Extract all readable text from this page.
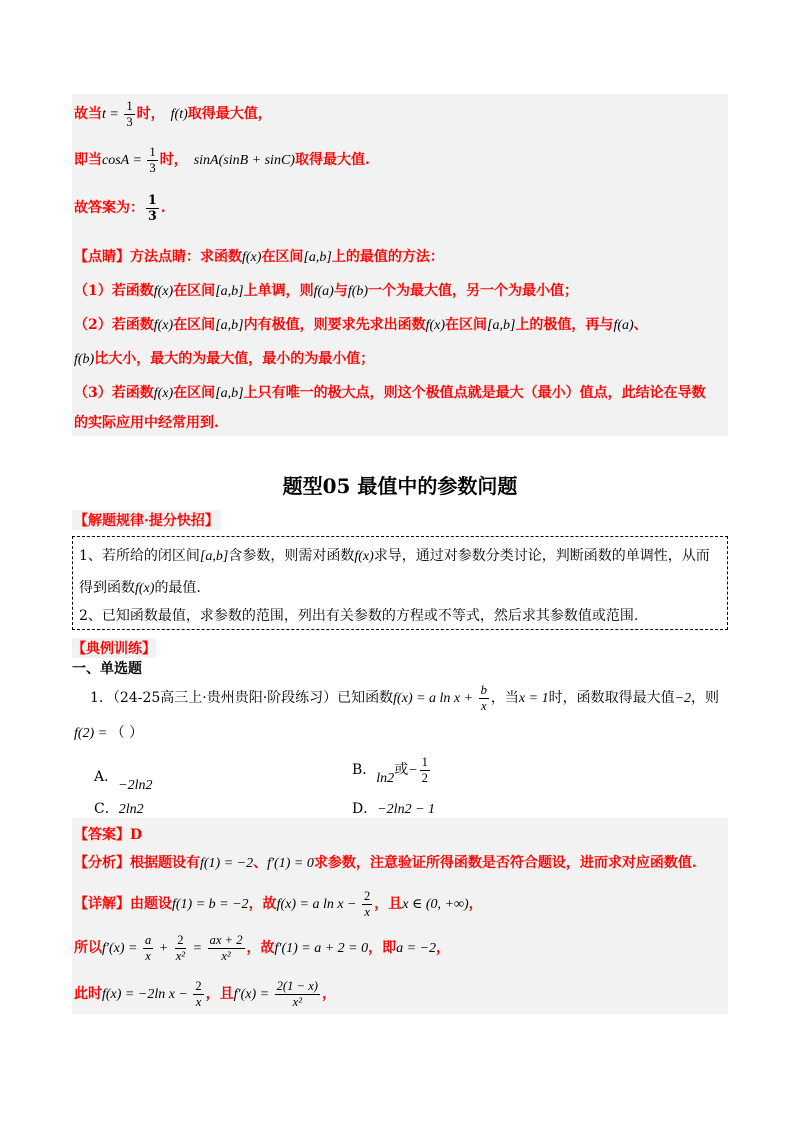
故当$t = \frac{1}{3}$ 时， f(t)取得最大值，
即当$\cos A = \frac{1}{3}$ 时， sinA(sinB + sinC)取得最大值.
故答案为： $\frac{1}{3}$ .
【点睛】方法点睛：求函数f(x)在区间[a,b]上的最值的方法：
（1）若函数f(x)在区间[a,b]上单调，则f(a)与f(b)一个为最大值，另一个为最小值；
（2）若函数f(x)在区间[a,b]内有极值，则要求先求出函数f(x)在区间[a,b]上的极值，再与f(a)、
f(b)比大小，最大的为最大值，最小的为最小值；
（3）若函数f(x)在区间[a,b]上只有唯一的极大点，则这个极值点就是最大（最小）值点，此结论在导数
的实际应用中经常用到.
题型05 最值中的参数问题
【解题规律·提分快招】
1、若所给的闭区间[a,b]含参数，则需对函数f(x)求导，通过对参数分类讨论，判断函数的单调性，从而
得到函数f(x)的最值.
2、已知函数最值，求参数的范围，列出有关参数的方程或不等式，然后求其参数值或范围.
【典例训练】
一、单选题
1．（24-25高三上·贵州贵阳·阶段练习）已知函数f(x) = a $\ln x + \frac{b}{x}$ ，当x = 1时，函数取得最大值−2，则
f(2) = （ ）
A．−2ln2
B．ln2或− $\frac{1}{2}$
C．2ln2	D．−2ln2 − 1
【答案】D
【分析】根据题设有f(1) = −2、f′(1) = 0求参数，注意验证所得函数是否符合题设，进而求对应函数值.
【详解】由题设f(1) = b = −2，故f(x) = a $\ln x - \frac{2}{x}$ ，且x ∈ (0, +∞)，
所以$f'(x) = \frac{a}{x} + \frac{2}{\text{x²}} = \frac{ax + 2}{\text{x²}}$ ，故f′(1) = a + 2 = 0，即a = −2，
此时f(x) = −2ln $x - \frac{2}{x}$ ，且$f'(x) = \frac{2(1 - x)}{\text{x²}}$ ，
